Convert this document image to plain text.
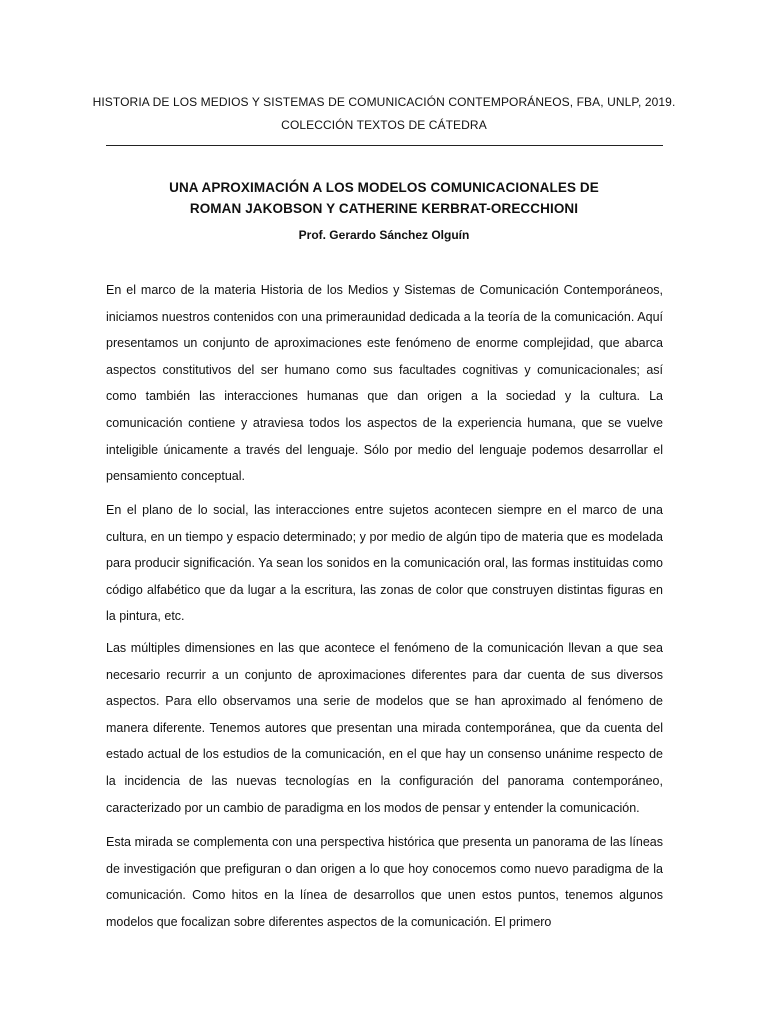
HISTORIA DE LOS MEDIOS Y SISTEMAS DE COMUNICACIÓN CONTEMPORÁNEOS, FBA, UNLP, 2019.
COLECCIÓN TEXTOS DE CÁTEDRA
UNA APROXIMACIÓN A LOS MODELOS COMUNICACIONALES DE
ROMAN JAKOBSON Y CATHERINE KERBRAT-ORECCHIONI
Prof. Gerardo Sánchez Olguín

En el marco de la materia Historia de los Medios y Sistemas de Comunicación Contemporáneos, iniciamos nuestros contenidos con una primeraunidad dedicada a la teoría de la comunicación. Aquí presentamos un conjunto de aproximaciones este fenómeno de enorme complejidad, que abarca aspectos constitutivos del ser humano como sus facultades cognitivas y comunicacionales; así como también las interacciones humanas que dan origen a la sociedad y la cultura. La comunicación contiene y atraviesa todos los aspectos de la experiencia humana, que se vuelve inteligible únicamente a través del lenguaje. Sólo por medio del lenguaje podemos desarrollar el pensamiento conceptual.

En el plano de lo social, las interacciones entre sujetos acontecen siempre en el marco de una cultura, en un tiempo y espacio determinado; y por medio de algún tipo de materia que es modelada para producir significación. Ya sean los sonidos en la comunicación oral, las formas instituidas como código alfabético que da lugar a la escritura, las zonas de color que construyen distintas figuras en la pintura, etc.

Las múltiples dimensiones en las que acontece el fenómeno de la comunicación llevan a que sea necesario recurrir a un conjunto de aproximaciones diferentes para dar cuenta de sus diversos aspectos. Para ello observamos una serie de modelos que se han aproximado al fenómeno de manera diferente. Tenemos autores que presentan una mirada contemporánea, que da cuenta del estado actual de los estudios de la comunicación, en el que hay un consenso unánime respecto de la incidencia de las nuevas tecnologías en la configuración del panorama contemporáneo, caracterizado por un cambio de paradigma en los modos de pensar y entender la comunicación.

Esta mirada se complementa con una perspectiva histórica que presenta un panorama de las líneas de investigación que prefiguran o dan origen a lo que hoy conocemos como nuevo paradigma de la comunicación. Como hitos en la línea de desarrollos que unen estos puntos, tenemos algunos modelos que focalizan sobre diferentes aspectos de la comunicación. El primero
